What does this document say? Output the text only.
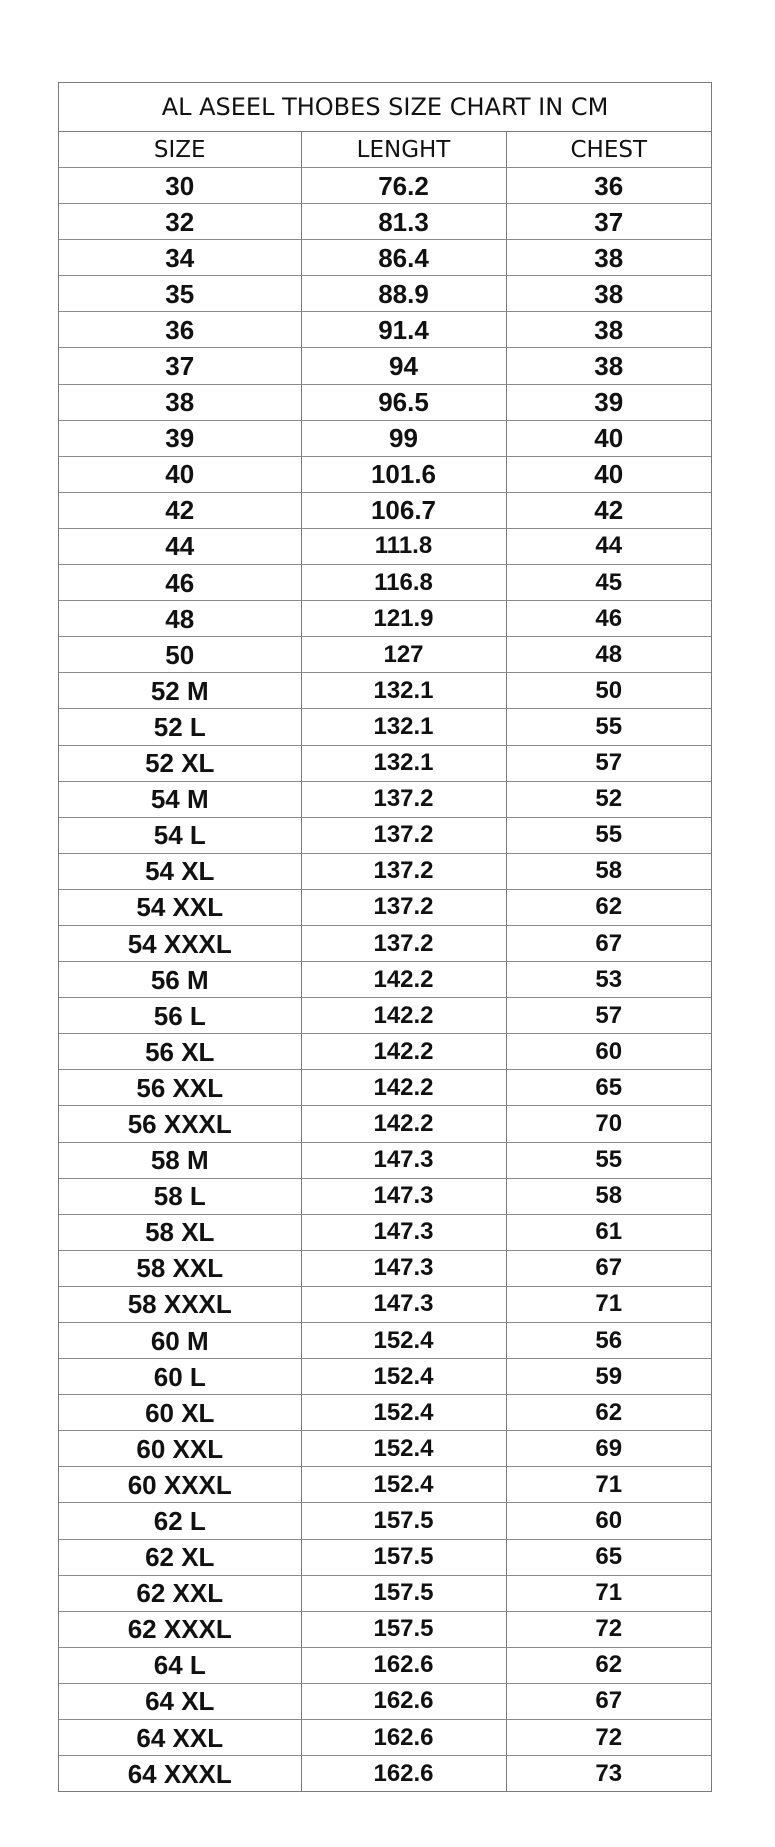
AL ASEEL THOBES SIZE CHART IN CM
SIZE	LENGHT	CHEST
30	76.2	36
32	81.3	37
34	86.4	38
35	88.9	38
36	91.4	38
37	94	38
38	96.5	39
39	99	40
40	101.6	40
42	106.7	42
44	111.8	44
46	116.8	45
48	121.9	46
50	127	48
52 M	132.1	50
52 L	132.1	55
52 XL	132.1	57
54 M	137.2	52
54 L	137.2	55
54 XL	137.2	58
54 XXL	137.2	62
54 XXXL	137.2	67
56 M	142.2	53
56 L	142.2	57
56 XL	142.2	60
56 XXL	142.2	65
56 XXXL	142.2	70
58 M	147.3	55
58 L	147.3	58
58 XL	147.3	61
58 XXL	147.3	67
58 XXXL	147.3	71
60 M	152.4	56
60 L	152.4	59
60 XL	152.4	62
60 XXL	152.4	69
60 XXXL	152.4	71
62 L	157.5	60
62 XL	157.5	65
62 XXL	157.5	71
62 XXXL	157.5	72
64 L	162.6	62
64 XL	162.6	67
64 XXL	162.6	72
64 XXXL	162.6	73
